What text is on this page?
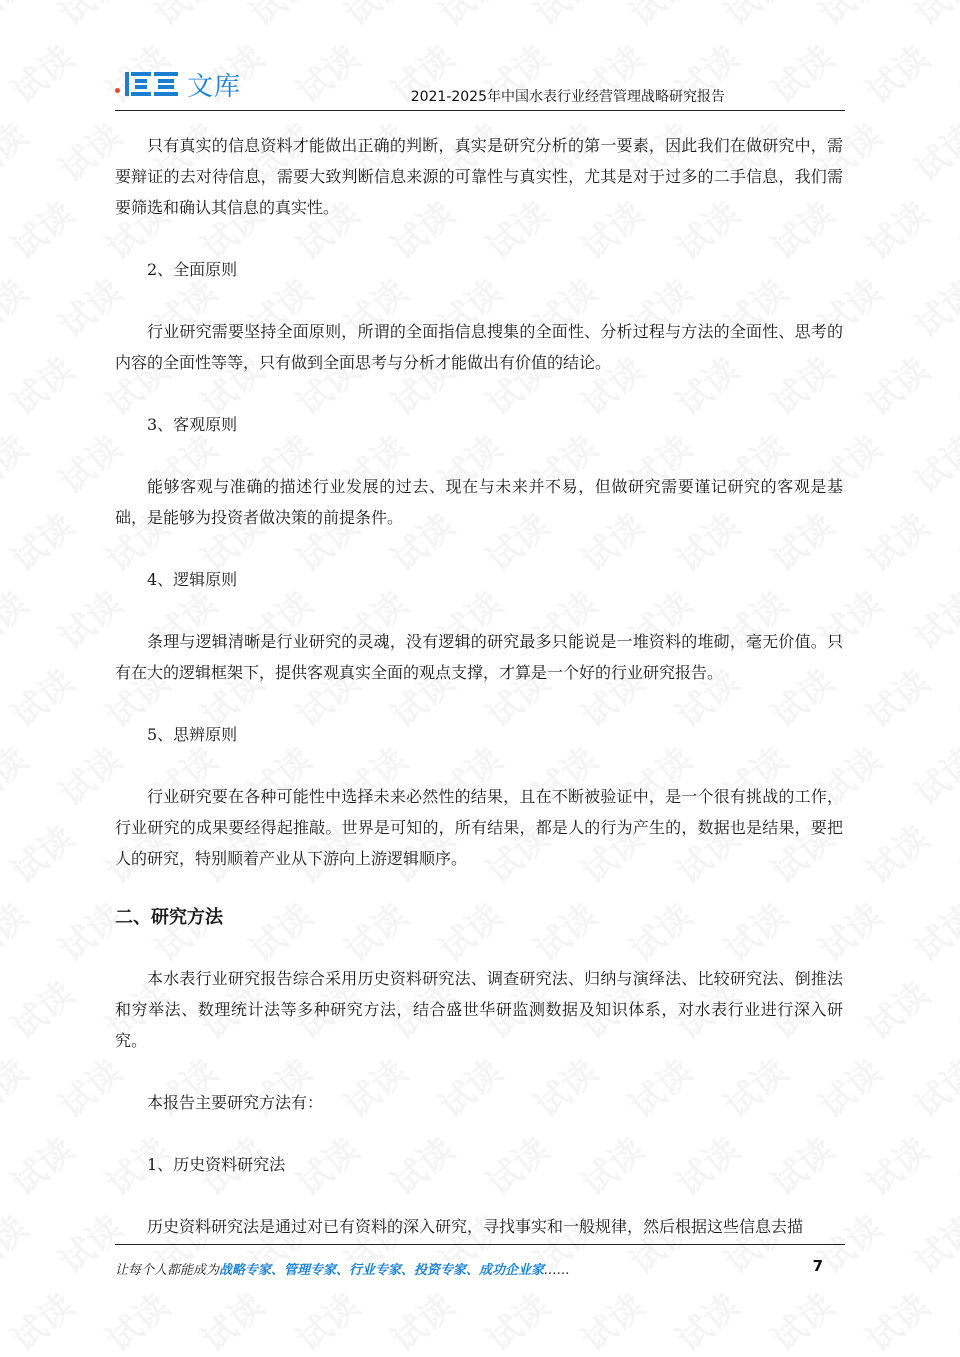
文库	2021-2025年中国水表行业经营管理战略研究报告

只有真实的信息资料才能做出正确的判断，真实是研究分析的第一要素，因此我们在做研究中，需要辩证的去对待信息，需要大致判断信息来源的可靠性与真实性，尤其是对于过多的二手信息，我们需要筛选和确认其信息的真实性。

2、全面原则

行业研究需要坚持全面原则，所谓的全面指信息搜集的全面性、分析过程与方法的全面性、思考的内容的全面性等等，只有做到全面思考与分析才能做出有价值的结论。

3、客观原则

能够客观与准确的描述行业发展的过去、现在与未来并不易，但做研究需要谨记研究的客观是基础，是能够为投资者做决策的前提条件。

4、逻辑原则

条理与逻辑清晰是行业研究的灵魂，没有逻辑的研究最多只能说是一堆资料的堆砌，毫无价值。只有在大的逻辑框架下，提供客观真实全面的观点支撑，才算是一个好的行业研究报告。

5、思辨原则

行业研究要在各种可能性中选择未来必然性的结果，且在不断被验证中，是一个很有挑战的工作，行业研究的成果要经得起推敲。世界是可知的，所有结果，都是人的行为产生的，数据也是结果，要把人的研究，特别顺着产业从下游向上游逻辑顺序。

二、研究方法

本水表行业研究报告综合采用历史资料研究法、调查研究法、归纳与演绎法、比较研究法、倒推法和穷举法、数理统计法等多种研究方法，结合盛世华研监测数据及知识体系，对水表行业进行深入研究。

本报告主要研究方法有：

1、历史资料研究法

历史资料研究法是通过对已有资料的深入研究，寻找事实和一般规律，然后根据这些信息去描

让每个人都能成为战略专家、管理专家、行业专家、投资专家、成功企业家……	7
